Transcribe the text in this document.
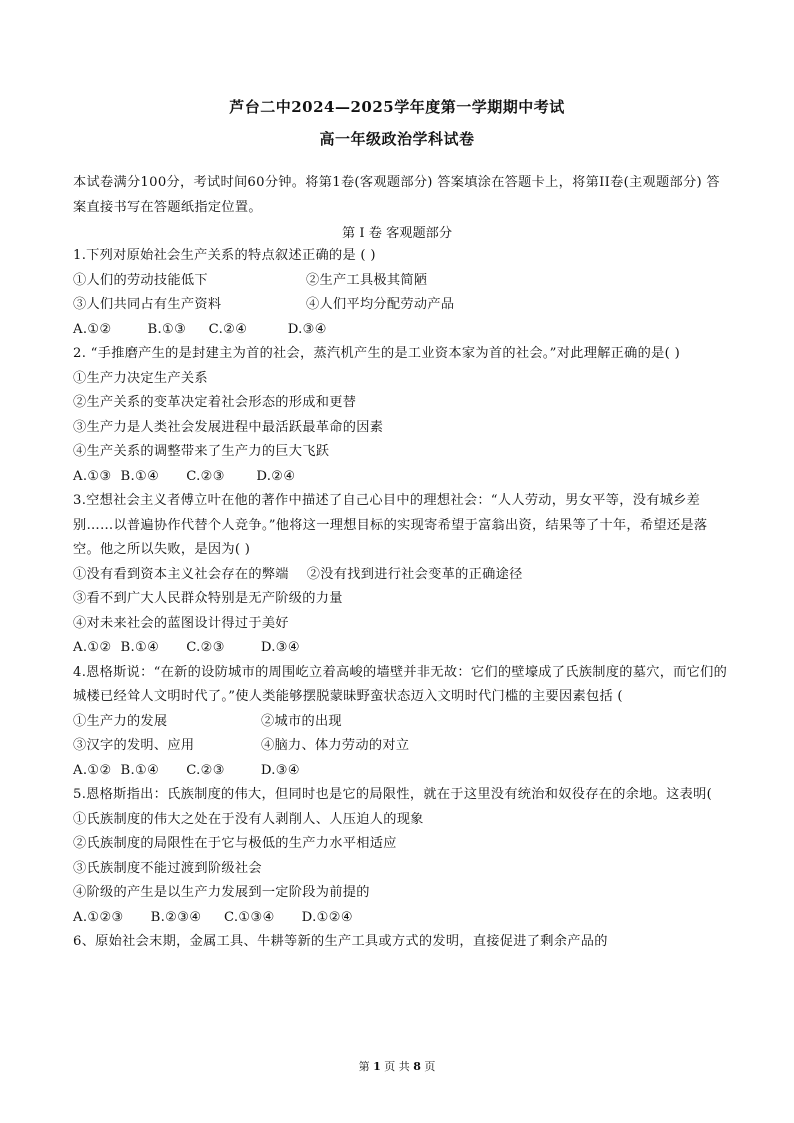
芦台二中2024—2025学年度第一学期期中考试
高一年级政治学科试卷
本试卷满分100分，考试时间60分钟。将第1卷(客观题部分) 答案填涂在答题卡上，将第II卷(主观题部分) 答案直接书写在答题纸指定位置。
第 I 卷 客观题部分
1.下列对原始社会生产关系的特点叙述正确的是 ( )
①人们的劳动技能低下	②生产工具极其简陋
③人们共同占有生产资料	④人们平均分配劳动产品
A.①②        B.①③     C.②④         D.③④
2. “手推磨产生的是封建主为首的社会，蒸汽机产生的是工业资本家为首的社会。”对此理解正确的是( )
①生产力决定生产关系
②生产关系的变革决定着社会形态的形成和更替
③生产力是人类社会发展进程中最活跃最革命的因素
④生产关系的调整带来了生产力的巨大飞跃
A.①③  B.①④      C.②③       D.②④
3.空想社会主义者傅立叶在他的著作中描述了自己心目中的理想社会：“人人劳动，男女平等，没有城乡差别……以普遍协作代替个人竞争。”他将这一理想目标的实现寄希望于富翁出资，结果等了十年，希望还是落空。他之所以失败，是因为( )
①没有看到资本主义社会存在的弊端    ②没有找到进行社会变革的正确途径
③看不到广大人民群众特别是无产阶级的力量
④对未来社会的蓝图设计得过于美好
A.①②  B.①④      C.②③        D.③④
4.恩格斯说：“在新的设防城市的周围屹立着高峻的墙壁并非无故：它们的壁壕成了氏族制度的墓穴，而它们的城楼已经耸人文明时代了。”使人类能够摆脱蒙昧野蛮状态迈入文明时代门槛的主要因素包括 (
①生产力的发展	②城市的出现
③汉字的发明、应用	④脑力、体力劳动的对立
A.①②  B.①④      C.②③        D.③④
5.恩格斯指出：氏族制度的伟大，但同时也是它的局限性，就在于这里没有统治和奴役存在的余地。这表明(
①氏族制度的伟大之处在于没有人剥削人、人压迫人的现象
②氏族制度的局限性在于它与极低的生产力水平相适应
③氏族制度不能过渡到阶级社会
④阶级的产生是以生产力发展到一定阶段为前提的
A.①②③      B.②③④     C.①③④      D.①②④
6、原始社会末期，金属工具、牛耕等新的生产工具或方式的发明，直接促进了剩余产品的
第 1 页 共 8 页
